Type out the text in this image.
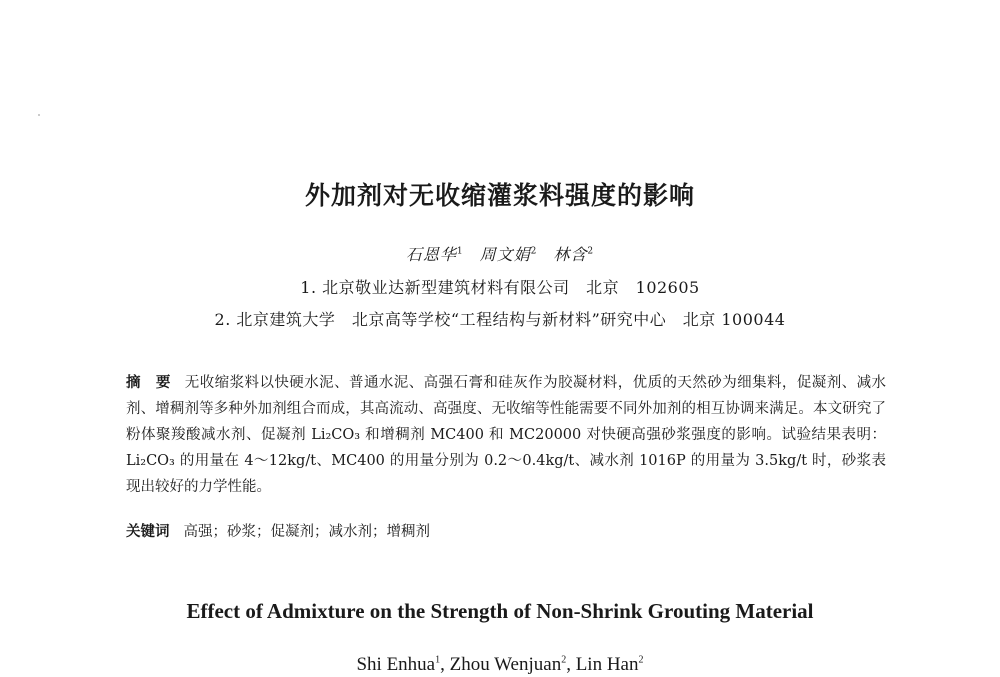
外加剂对无收缩灌浆料强度的影响
石恩华$^1$ 周文娟$^2$ 林含$^2$
1. 北京敬业达新型建筑材料有限公司　北京　102605
2. 北京建筑大学　北京高等学校“工程结构与新材料”研究中心　北京 100044
摘　要 无收缩浆料以快硬水泥、普通水泥、高强石膏和硅灰作为胶凝材料，优质的天然砂为细集料，促凝剂、减水剂、增稠剂等多种外加剂组合而成，其高流动、高强度、无收缩等性能需要不同外加剂的相互协调来满足。本文研究了粉体聚羧酸减水剂、促凝剂 Li₂CO₃ 和增稠剂 MC400 和 MC20000 对快硬高强砂浆强度的影响。试验结果表明：Li₂CO₃ 的用量在 4～12kg/t、MC400 的用量分别为 0.2～0.4kg/t、减水剂 1016P 的用量为 3.5kg/t 时，砂浆表现出较好的力学性能。
关键词 高强；砂浆；促凝剂；减水剂；增稠剂
Effect of Admixture on the Strength of Non-Shrink Grouting Material
Shi Enhua$^1$, Zhou Wenjuan$^2$, Lin Han$^2$
